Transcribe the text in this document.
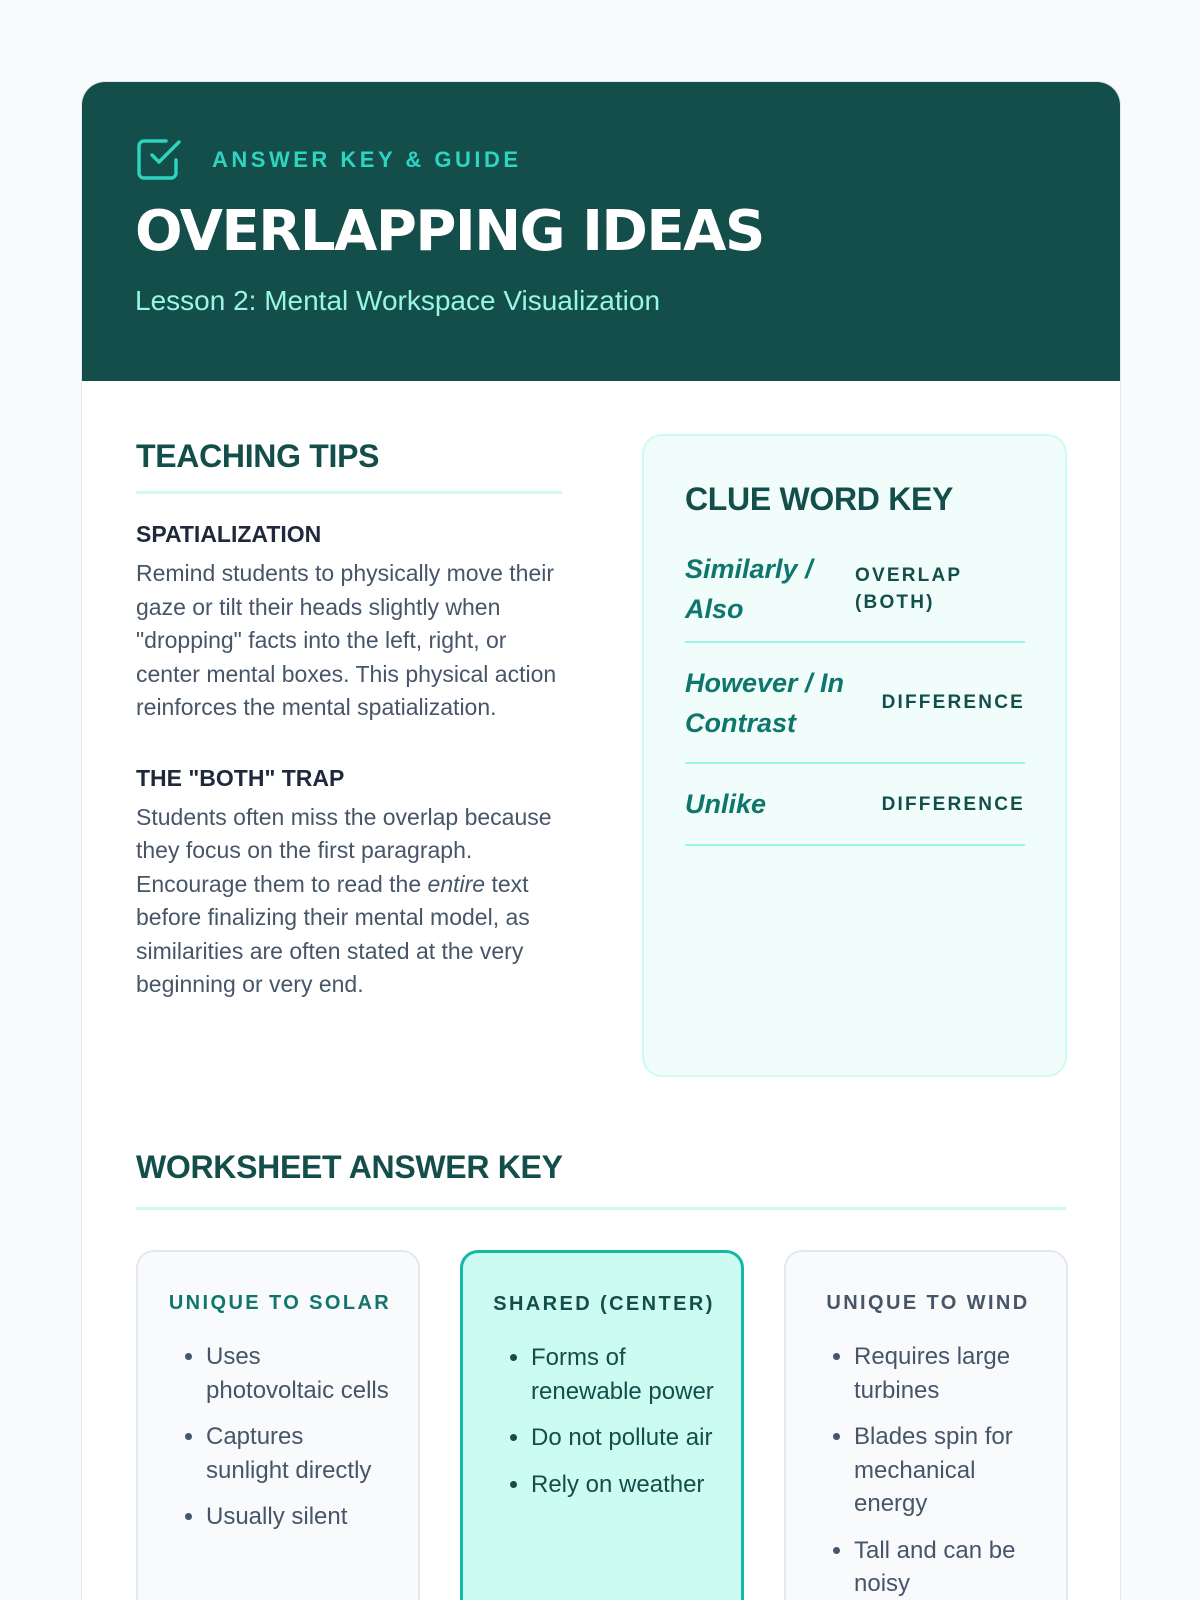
ANSWER KEY & GUIDE
OVERLAPPING IDEAS
Lesson 2: Mental Workspace Visualization
TEACHING TIPS
SPATIALIZATION
Remind students to physically move their gaze or tilt their heads slightly when "dropping" facts into the left, right, or center mental boxes. This physical action reinforces the mental spatialization.
THE "BOTH" TRAP
Students often miss the overlap because they focus on the first paragraph. Encourage them to read the entire text before finalizing their mental model, as similarities are often stated at the very beginning or very end.
CLUE WORD KEY
Similarly / Also
OVERLAP (BOTH)
However / In Contrast
DIFFERENCE
Unlike	DIFFERENCE
WORKSHEET ANSWER KEY
UNIQUE TO SOLAR
• Uses photovoltaic cells
• Captures sunlight directly
• Usually silent
SHARED (CENTER)
• Forms of renewable power
• Do not pollute air
• Rely on weather
UNIQUE TO WIND
• Requires large turbines
• Blades spin for mechanical energy
• Tall and can be noisy
